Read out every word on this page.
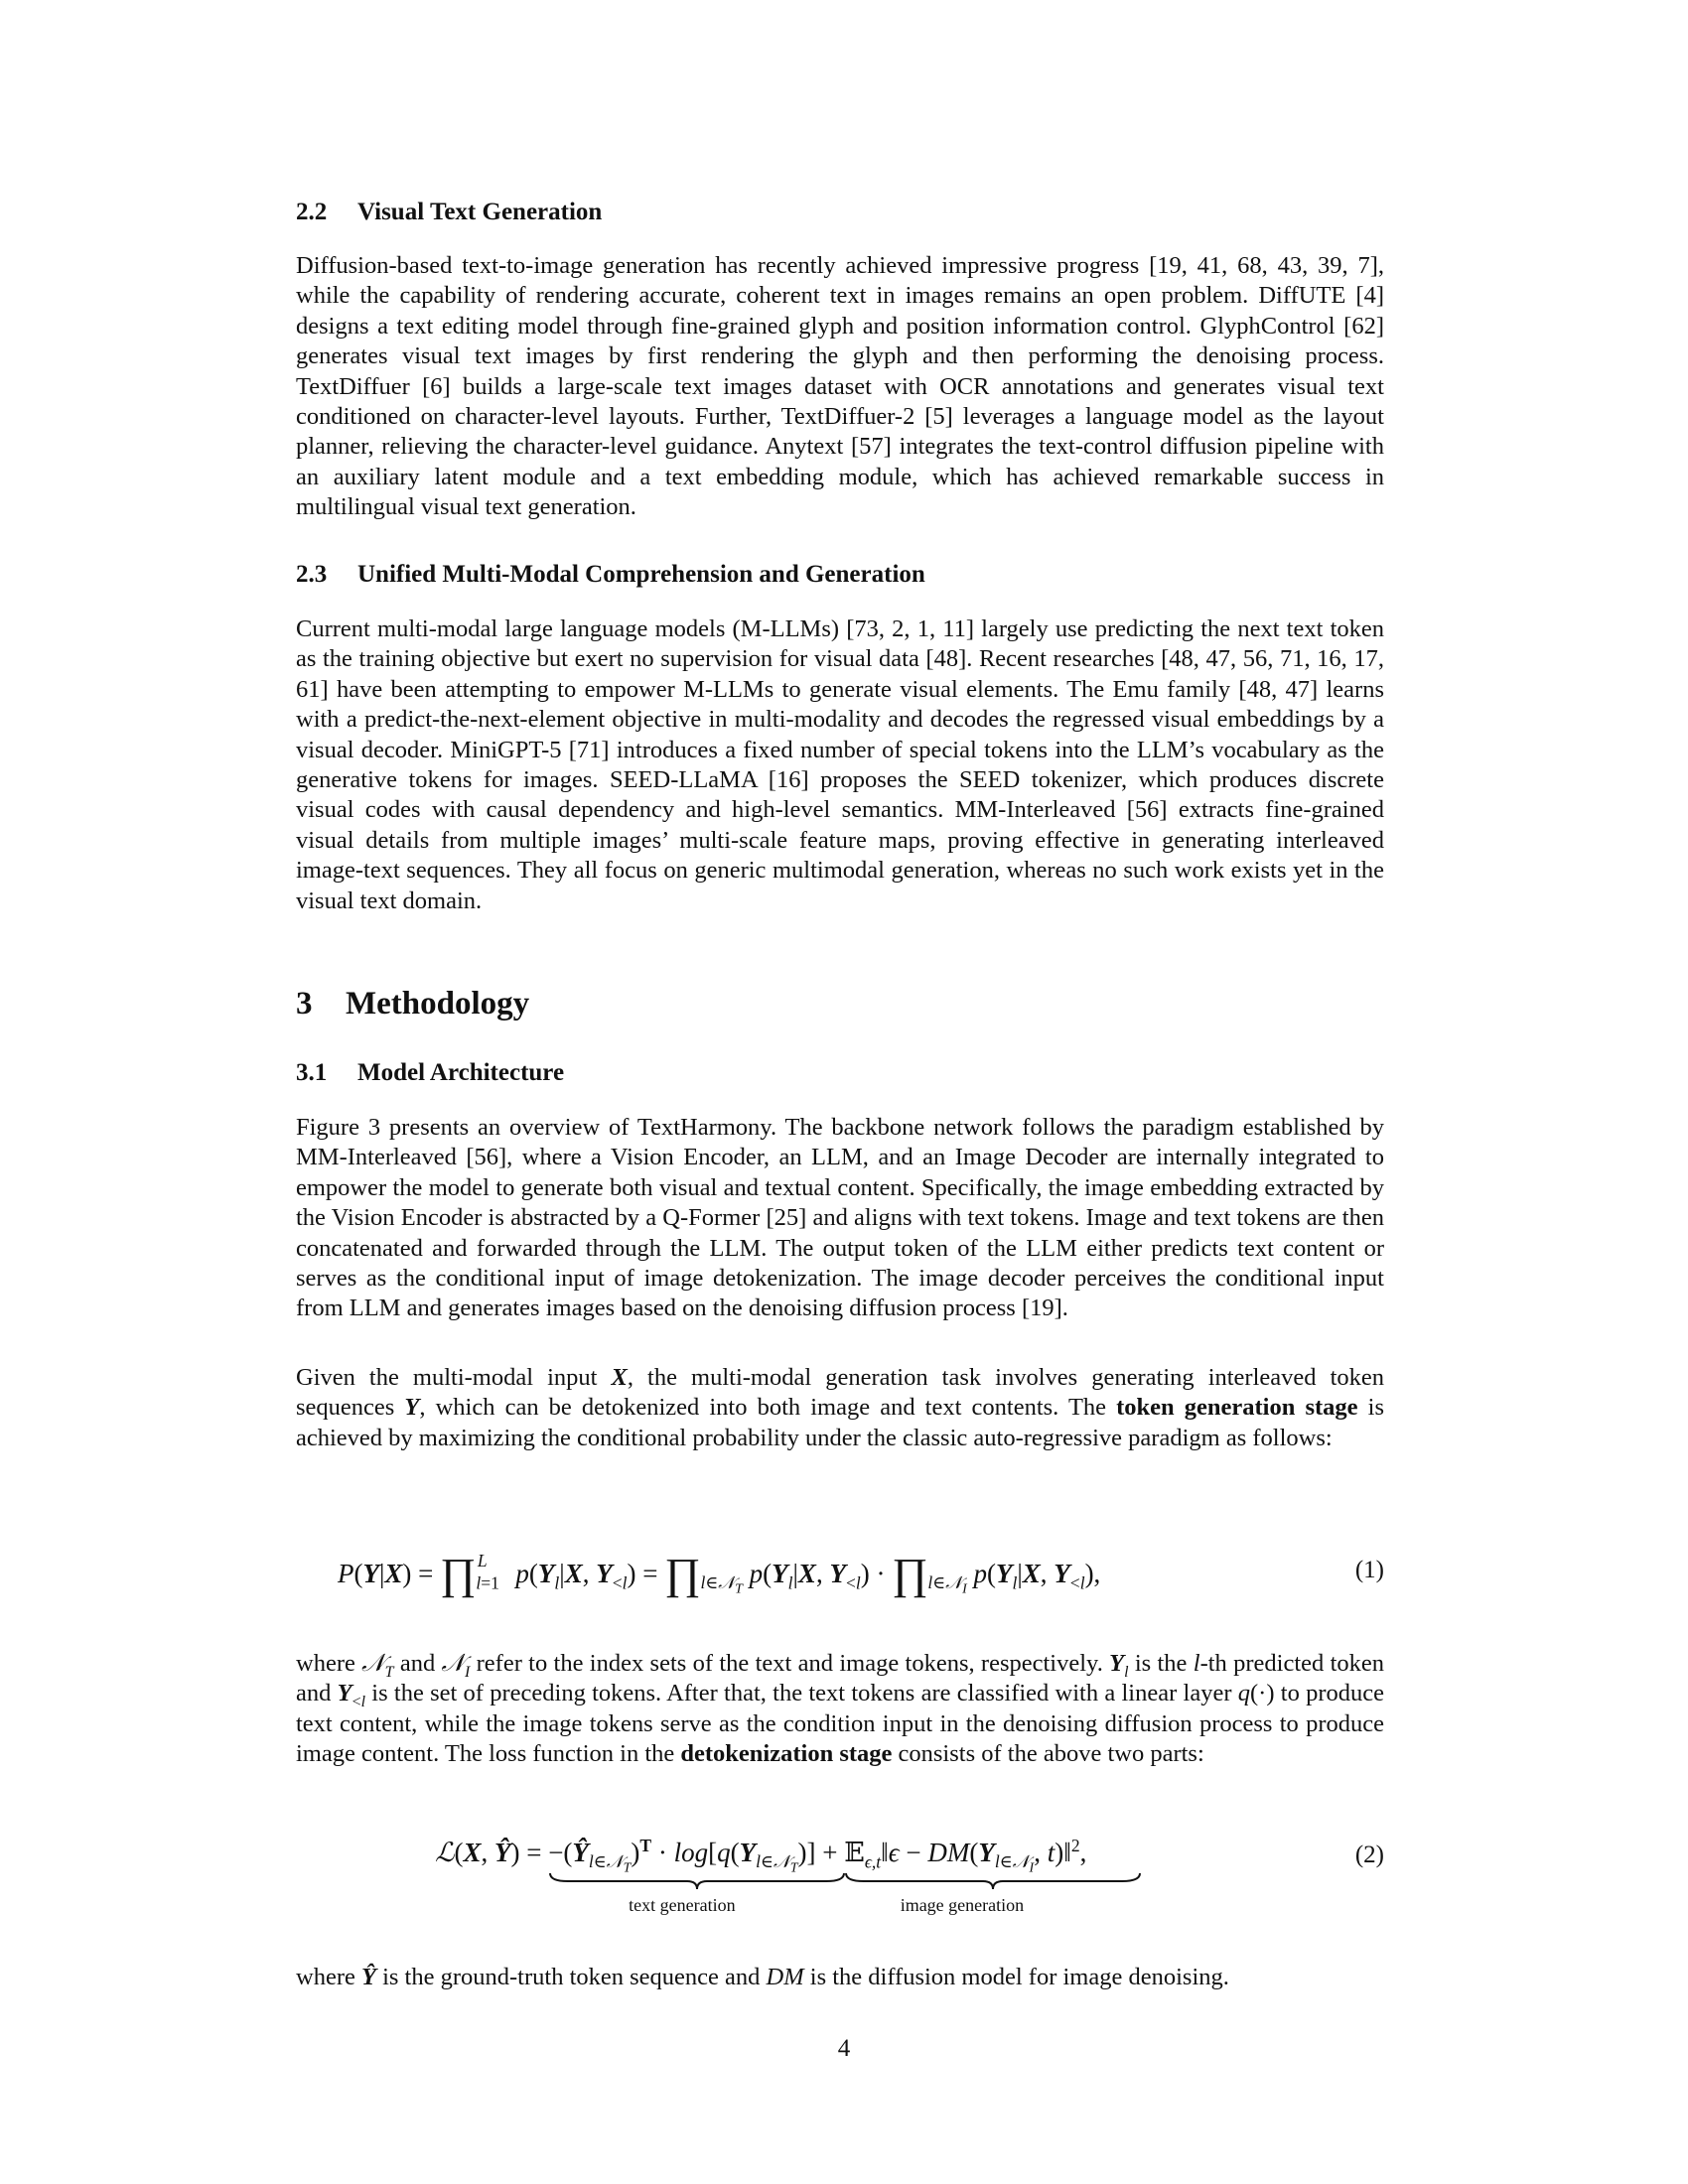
2.2 Visual Text Generation

Diffusion-based text-to-image generation has recently achieved impressive progress [19, 41, 68, 43, 39, 7], while the capability of rendering accurate, coherent text in images remains an open problem. DiffUTE [4] designs a text editing model through fine-grained glyph and position information control. GlyphControl [62] generates visual text images by first rendering the glyph and then performing the denoising process. TextDiffuer [6] builds a large-scale text images dataset with OCR annotations and generates visual text conditioned on character-level layouts. Further, TextDiffuer-2 [5] leverages a language model as the layout planner, relieving the character-level guidance. Anytext [57] integrates the text-control diffusion pipeline with an auxiliary latent module and a text embedding module, which has achieved remarkable success in multilingual visual text generation.

2.3 Unified Multi-Modal Comprehension and Generation

Current multi-modal large language models (M-LLMs) [73, 2, 1, 11] largely use predicting the next text token as the training objective but exert no supervision for visual data [48]. Recent researches [48, 47, 56, 71, 16, 17, 61] have been attempting to empower M-LLMs to generate visual elements. The Emu family [48, 47] learns with a predict-the-next-element objective in multi-modality and decodes the regressed visual embeddings by a visual decoder. MiniGPT-5 [71] introduces a fixed number of special tokens into the LLM’s vocabulary as the generative tokens for images. SEED-LLaMA [16] proposes the SEED tokenizer, which produces discrete visual codes with causal dependency and high-level semantics. MM-Interleaved [56] extracts fine-grained visual details from multiple images’ multi-scale feature maps, proving effective in generating interleaved image-text sequences. They all focus on generic multimodal generation, whereas no such work exists yet in the visual text domain.

3 Methodology
3.1 Model Architecture

Figure 3 presents an overview of TextHarmony. The backbone network follows the paradigm established by MM-Interleaved [56], where a Vision Encoder, an LLM, and an Image Decoder are internally integrated to empower the model to generate both visual and textual content. Specifically, the image embedding extracted by the Vision Encoder is abstracted by a Q-Former [25] and aligns with text tokens. Image and text tokens are then concatenated and forwarded through the LLM. The output token of the LLM either predicts text content or serves as the conditional input of image detokenization. The image decoder perceives the conditional input from LLM and generates images based on the denoising diffusion process [19].

Given the multi-modal input X, the multi-modal generation task involves generating interleaved token sequences Y, which can be detokenized into both image and text contents. The token generation stage is achieved by maximizing the conditional probability under the classic auto-regressive paradigm as follows:

$P(Y|X) = \prod_{l=1}^L$ $p(Y_l|X$, $Y_{<l}$) = $\prod_{l\in 𝒩_T}$ $p(Y_l|X$, $Y_{<l}$) · $\prod_{l\in 𝒩_I}$ $p(Y_l|X$, $Y_{<l}$),	(1)

where 𝒩$_T$ and 𝒩$_I$ refer to the index sets of the text and image tokens, respectively. $Y_l$ is the l-th predicted token and $Y_{<l}$ is the set of preceding tokens. After that, the text tokens are classified with a linear layer q(·) to produce text content, while the image tokens serve as the condition input in the denoising diffusion process to produce image content. The loss function in the detokenization stage consists of the above two parts:

ℒ(X, Ŷ) = $-(Ŷ_{l\in 𝒩_T})^T \cdot \log[q(Y_{l\in 𝒩_T})]$
text generation
+ 𝔼$_{\epsilon,t}$‖ϵ − $DM(Y_{l\in 𝒩_I}$, t)‖$^2$
image generation
,	(2)

where Ŷ is the ground-truth token sequence and DM is the diffusion model for image denoising.

4
